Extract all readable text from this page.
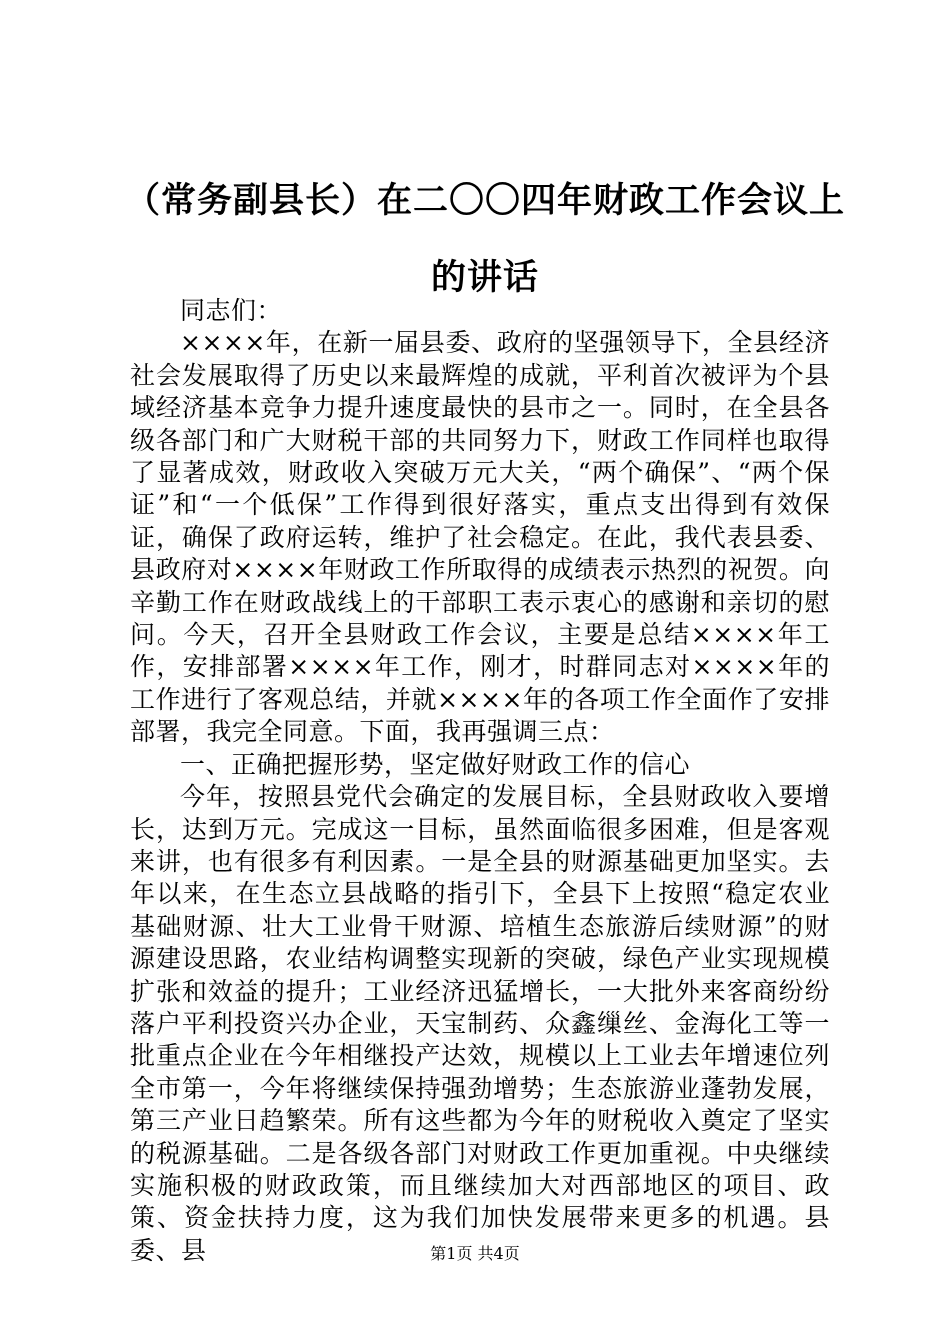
（常务副县长）在二〇〇四年财政工作会议上
的讲话

同志们：

××××年，在新一届县委、政府的坚强领导下，全县经济社会发展取得了历史以来最辉煌的成就，平利首次被评为个县域经济基本竞争力提升速度最快的县市之一。同时，在全县各级各部门和广大财税干部的共同努力下，财政工作同样也取得了显著成效，财政收入突破万元大关，“两个确保”、“两个保证”和“一个低保”工作得到很好落实，重点支出得到有效保证，确保了政府运转，维护了社会稳定。在此，我代表县委、县政府对××××年财政工作所取得的成绩表示热烈的祝贺。向辛勤工作在财政战线上的干部职工表示衷心的感谢和亲切的慰问。今天，召开全县财政工作会议，主要是总结××××年工作，安排部署××××年工作，刚才，时群同志对××××年的工作进行了客观总结，并就××××年的各项工作全面作了安排部署，我完全同意。下面，我再强调三点：

一、正确把握形势，坚定做好财政工作的信心

今年，按照县党代会确定的发展目标，全县财政收入要增长，达到万元。完成这一目标，虽然面临很多困难，但是客观来讲，也有很多有利因素。一是全县的财源基础更加坚实。去年以来，在生态立县战略的指引下，全县下上按照“稳定农业基础财源、壮大工业骨干财源、培植生态旅游后续财源”的财源建设思路，农业结构调整实现新的突破，绿色产业实现规模扩张和效益的提升；工业经济迅猛增长，一大批外来客商纷纷落户平利投资兴办企业，天宝制药、众鑫缫丝、金海化工等一批重点企业在今年相继投产达效，规模以上工业去年增速位列全市第一，今年将继续保持强劲增势；生态旅游业蓬勃发展，第三产业日趋繁荣。所有这些都为今年的财税收入奠定了坚实的税源基础。二是各级各部门对财政工作更加重视。中央继续实施积极的财政政策，而且继续加大对西部地区的项目、政策、资金扶持力度，这为我们加快发展带来更多的机遇。县委、县	第1页 共4页
